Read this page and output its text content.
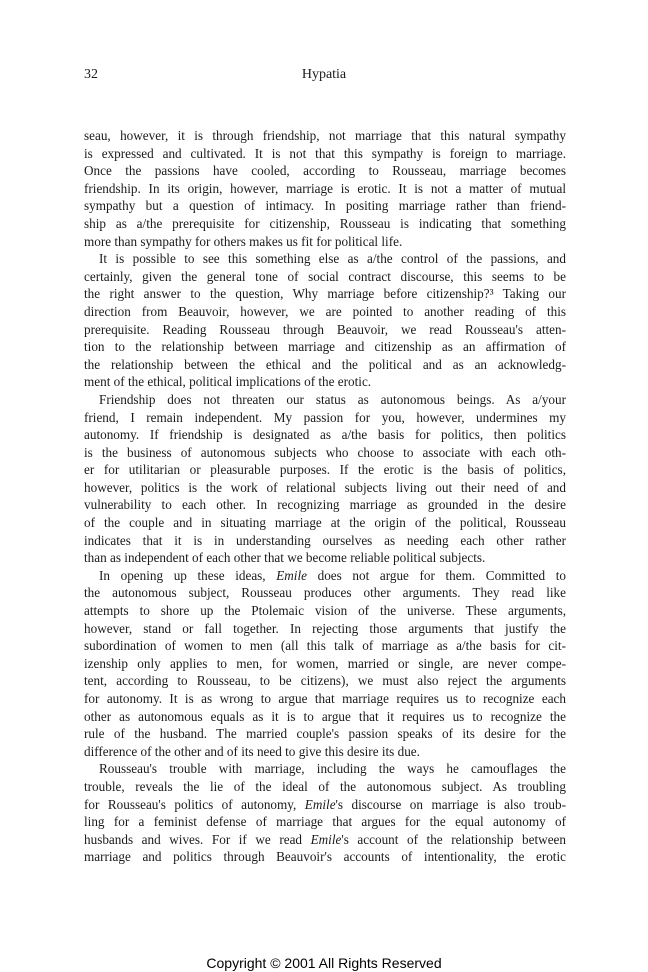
32	Hypatia
seau, however, it is through friendship, not marriage that this natural sympathy
is expressed and cultivated. It is not that this sympathy is foreign to marriage.
Once the passions have cooled, according to Rousseau, marriage becomes
friendship. In its origin, however, marriage is erotic. It is not a matter of mutual
sympathy but a question of intimacy. In positing marriage rather than friend-
ship as a/the prerequisite for citizenship, Rousseau is indicating that something
more than sympathy for others makes us fit for political life.
It is possible to see this something else as a/the control of the passions, and
certainly, given the general tone of social contract discourse, this seems to be
the right answer to the question, Why marriage before citizenship?³ Taking our
direction from Beauvoir, however, we are pointed to another reading of this
prerequisite. Reading Rousseau through Beauvoir, we read Rousseau's atten-
tion to the relationship between marriage and citizenship as an affirmation of
the relationship between the ethical and the political and as an acknowledg-
ment of the ethical, political implications of the erotic.
Friendship does not threaten our status as autonomous beings. As a/your
friend, I remain independent. My passion for you, however, undermines my
autonomy. If friendship is designated as a/the basis for politics, then politics
is the business of autonomous subjects who choose to associate with each oth-
er for utilitarian or pleasurable purposes. If the erotic is the basis of politics,
however, politics is the work of relational subjects living out their need of and
vulnerability to each other. In recognizing marriage as grounded in the desire
of the couple and in situating marriage at the origin of the political, Rousseau
indicates that it is in understanding ourselves as needing each other rather
than as independent of each other that we become reliable political subjects.
In opening up these ideas, Emile does not argue for them. Committed to
the autonomous subject, Rousseau produces other arguments. They read like
attempts to shore up the Ptolemaic vision of the universe. These arguments,
however, stand or fall together. In rejecting those arguments that justify the
subordination of women to men (all this talk of marriage as a/the basis for cit-
izenship only applies to men, for women, married or single, are never compe-
tent, according to Rousseau, to be citizens), we must also reject the arguments
for autonomy. It is as wrong to argue that marriage requires us to recognize each
other as autonomous equals as it is to argue that it requires us to recognize the
rule of the husband. The married couple's passion speaks of its desire for the
difference of the other and of its need to give this desire its due.
Rousseau's trouble with marriage, including the ways he camouflages the
trouble, reveals the lie of the ideal of the autonomous subject. As troubling
for Rousseau's politics of autonomy, Emile's discourse on marriage is also troub-
ling for a feminist defense of marriage that argues for the equal autonomy of
husbands and wives. For if we read Emile's account of the relationship between
marriage and politics through Beauvoir's accounts of intentionality, the erotic
Copyright © 2001 All Rights Reserved
